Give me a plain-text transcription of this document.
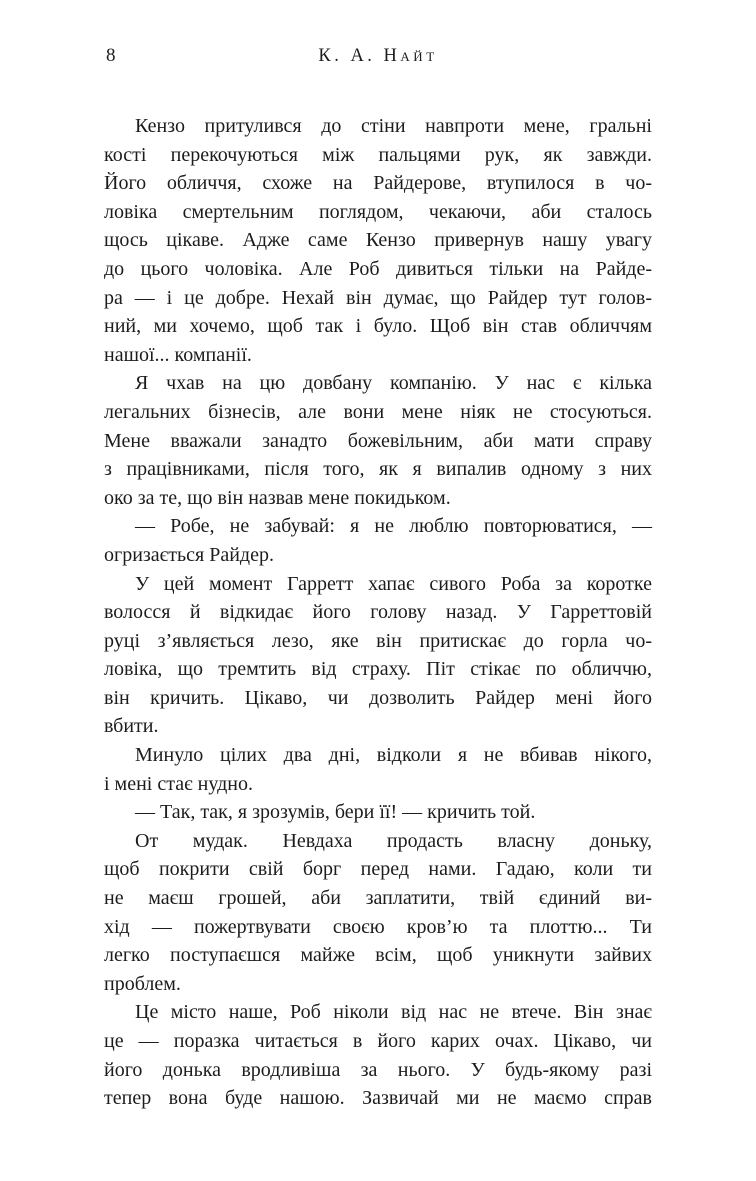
8	К. А. Найт

Кензо притулився до стіни навпроти мене, гральні
кості перекочуються між пальцями рук, як завжди.
Його обличчя, схоже на Райдерове, втупилося в чо-
ловіка смертельним поглядом, чекаючи, аби сталось
щось цікаве. Адже саме Кензо привернув нашу увагу
до цього чоловіка. Але Роб дивиться тільки на Райде-
ра — і це добре. Нехай він думає, що Райдер тут голов-
ний, ми хочемо, щоб так і було. Щоб він став обличчям
нашої... компанії.

Я чхав на цю довбану компанію. У нас є кілька
легальних бізнесів, але вони мене ніяк не стосуються.
Мене вважали занадто божевільним, аби мати справу
з працівниками, після того, як я випалив одному з них
око за те, що він назвав мене покидьком.

— Робе, не забувай: я не люблю повторюватися, —
огризається Райдер.

У цей момент Гарретт хапає сивого Роба за коротке
волосся й відкидає його голову назад. У Гарреттовій
руці з’являється лезо, яке він притискає до горла чо-
ловіка, що тремтить від страху. Піт стікає по обличчю,
він кричить. Цікаво, чи дозволить Райдер мені його
вбити.

Минуло цілих два дні, відколи я не вбивав нікого,
і мені стає нудно.

— Так, так, я зрозумів, бери її! — кричить той.

От мудак. Невдаха продасть власну доньку,
щоб покрити свій борг перед нами. Гадаю, коли ти
не маєш грошей, аби заплатити, твій єдиний ви-
хід — пожертвувати своєю кров’ю та плоттю... Ти
легко поступаєшся майже всім, щоб уникнути зайвих
проблем.

Це місто наше, Роб ніколи від нас не втече. Він знає
це — поразка читається в його карих очах. Цікаво, чи
його донька вродливіша за нього. У будь-якому разі
тепер вона буде нашою. Зазвичай ми не маємо справ
